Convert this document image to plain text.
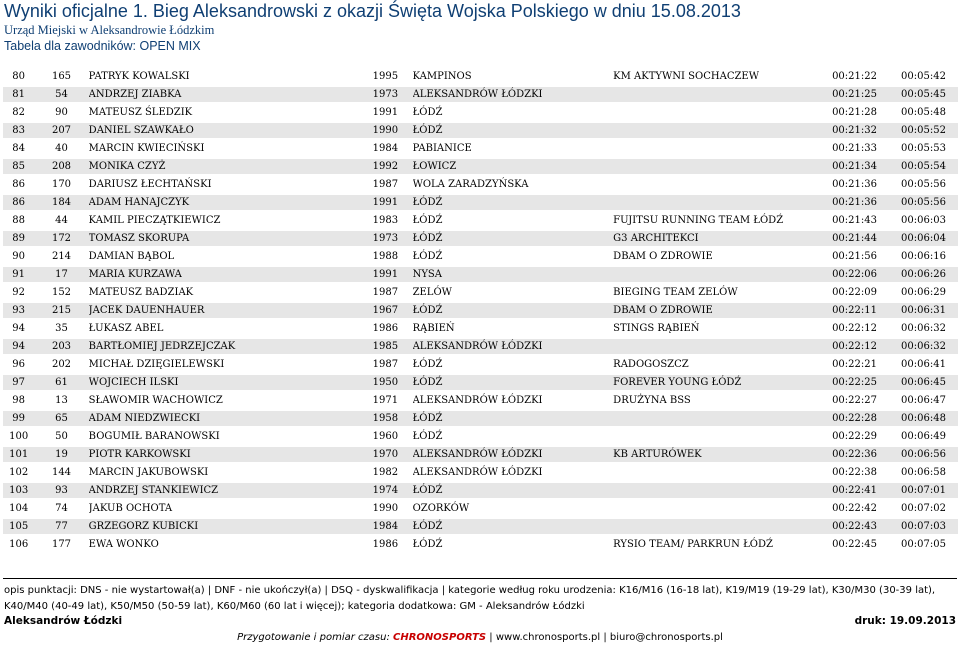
Wyniki oficjalne 1. Bieg Aleksandrowski z okazji Święta Wojska Polskiego w dniu 15.08.2013
Urząd Miejski w Aleksandrowie Łódzkim
Tabela dla zawodników: OPEN MIX
80	165	PATRYK KOWALSKI	1995	KAMPINOS	KM AKTYWNI SOCHACZEW	00:21:22	00:05:42
81	54	ANDRZEJ ZIABKA	1973	ALEKSANDRÓW ŁÓDZKI		00:21:25	00:05:45
82	90	MATEUSZ ŚLEDZIK	1991	ŁÓDŹ		00:21:28	00:05:48
83	207	DANIEL SZAWKAŁO	1990	ŁÓDŹ		00:21:32	00:05:52
84	40	MARCIN KWIECIŃSKI	1984	PABIANICE		00:21:33	00:05:53
85	208	MONIKA CZYŻ	1992	ŁOWICZ		00:21:34	00:05:54
86	170	DARIUSZ ŁECHTAŃSKI	1987	WOLA ZARADZYŃSKA		00:21:36	00:05:56
86	184	ADAM HANAJCZYK	1991	ŁÓDŹ		00:21:36	00:05:56
88	44	KAMIL PIECZĄTKIEWICZ	1983	ŁÓDŹ	FUJITSU RUNNING TEAM ŁÓDŹ	00:21:43	00:06:03
89	172	TOMASZ SKORUPA	1973	ŁÓDŹ	G3 ARCHITEKCI	00:21:44	00:06:04
90	214	DAMIAN BĄBOL	1988	ŁÓDŹ	DBAM O ZDROWIE	00:21:56	00:06:16
91	17	MARIA KURZAWA	1991	NYSA		00:22:06	00:06:26
92	152	MATEUSZ BADZIAK	1987	ZELÓW	BIEGING TEAM ZELÓW	00:22:09	00:06:29
93	215	JACEK DAUENHAUER	1967	ŁÓDŹ	DBAM O ZDROWIE	00:22:11	00:06:31
94	35	ŁUKASZ ABEL	1986	RĄBIEŃ	STINGS RĄBIEŃ	00:22:12	00:06:32
94	203	BARTŁOMIEJ JEDRZEJCZAK	1985	ALEKSANDRÓW ŁÓDZKI		00:22:12	00:06:32
96	202	MICHAŁ DZIĘGIELEWSKI	1987	ŁÓDŹ	RADOGOSZCZ	00:22:21	00:06:41
97	61	WOJCIECH ILSKI	1950	ŁÓDŹ	FOREVER YOUNG ŁÓDŹ	00:22:25	00:06:45
98	13	SŁAWOMIR WACHOWICZ	1971	ALEKSANDRÓW ŁÓDZKI	DRUŻYNA BSS	00:22:27	00:06:47
99	65	ADAM NIEDZWIECKI	1958	ŁÓDŹ		00:22:28	00:06:48
100	50	BOGUMIŁ BARANOWSKI	1960	ŁÓDŹ		00:22:29	00:06:49
101	19	PIOTR KARKOWSKI	1970	ALEKSANDRÓW ŁÓDZKI	KB ARTURÓWEK	00:22:36	00:06:56
102	144	MARCIN JAKUBOWSKI	1982	ALEKSANDRÓW ŁÓDZKI		00:22:38	00:06:58
103	93	ANDRZEJ STANKIEWICZ	1974	ŁÓDŹ		00:22:41	00:07:01
104	74	JAKUB OCHOTA	1990	OZORKÓW		00:22:42	00:07:02
105	77	GRZEGORZ KUBICKI	1984	ŁÓDŹ		00:22:43	00:07:03
106	177	EWA WONKO	1986	ŁÓDŹ	RYSIO TEAM/ PARKRUN ŁÓDŹ	00:22:45	00:07:05
opis punktacji: DNS - nie wystartował(a) | DNF - nie ukończył(a) | DSQ - dyskwalifikacja | kategorie według roku urodzenia: K16/M16 (16-18 lat), K19/M19 (19-29 lat), K30/M30 (30-39 lat), K40/M40 (40-49 lat), K50/M50 (50-59 lat), K60/M60 (60 lat i więcej); kategoria dodatkowa: GM - Aleksandrów Łódzki
Aleksandrów Łódzki	druk: 19.09.2013
Przygotowanie i pomiar czasu: CHRONOSPORTS | www.chronosports.pl | biuro@chronosports.pl
